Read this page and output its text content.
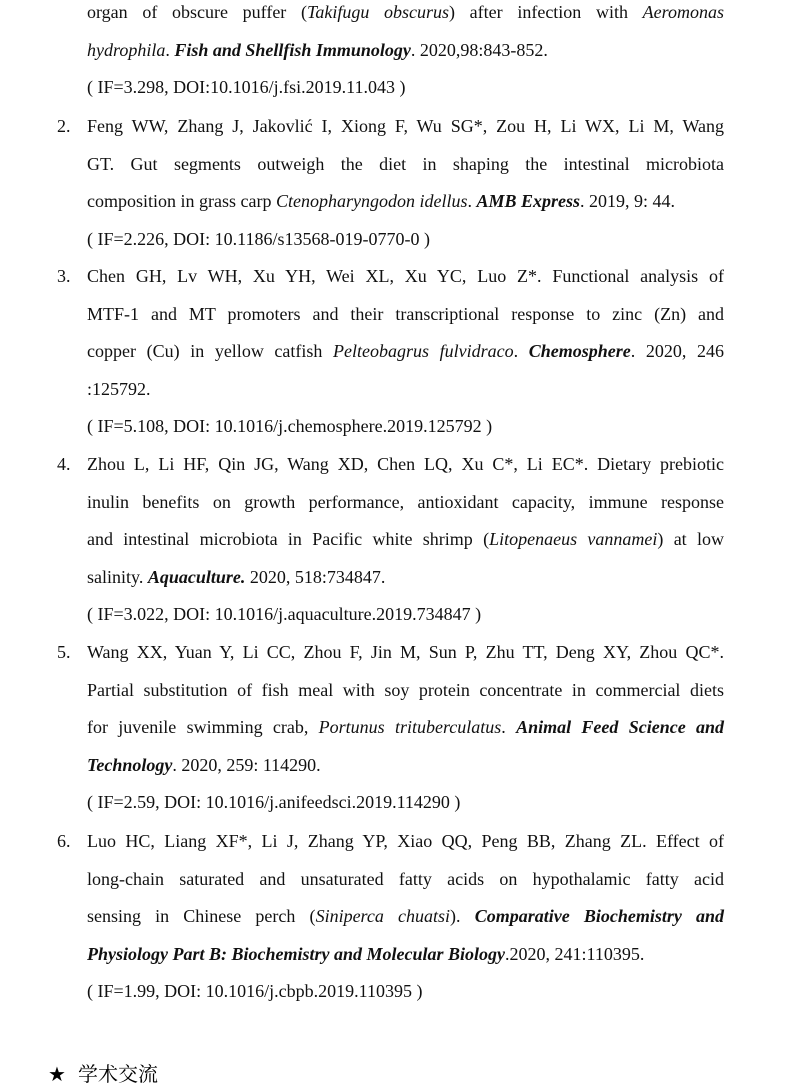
organ of obscure puffer (Takifugu obscurus) after infection with Aeromonas
hydrophila. Fish and Shellfish Immunology. 2020,98:843-852.
( IF=3.298, DOI:10.1016/j.fsi.2019.11.043 )
2. Feng WW, Zhang J, Jakovlić I, Xiong F, Wu SG*, Zou H, Li WX, Li M, Wang
GT. Gut segments outweigh the diet in shaping the intestinal microbiota
composition in grass carp Ctenopharyngodon idellus. AMB Express. 2019, 9: 44.
( IF=2.226, DOI: 10.1186/s13568-019-0770-0 )
3. Chen GH, Lv WH, Xu YH, Wei XL, Xu YC, Luo Z*. Functional analysis of
MTF-1 and MT promoters and their transcriptional response to zinc (Zn) and
copper (Cu) in yellow catfish Pelteobagrus fulvidraco. Chemosphere. 2020, 246
:125792.
( IF=5.108, DOI: 10.1016/j.chemosphere.2019.125792 )
4. Zhou L, Li HF, Qin JG, Wang XD, Chen LQ, Xu C*, Li EC*. Dietary prebiotic
inulin benefits on growth performance, antioxidant capacity, immune response
and intestinal microbiota in Pacific white shrimp (Litopenaeus vannamei) at low
salinity. Aquaculture. 2020, 518:734847.
( IF=3.022, DOI: 10.1016/j.aquaculture.2019.734847 )
5. Wang XX, Yuan Y, Li CC, Zhou F, Jin M, Sun P, Zhu TT, Deng XY, Zhou QC*.
Partial substitution of fish meal with soy protein concentrate in commercial diets
for juvenile swimming crab, Portunus trituberculatus. Animal Feed Science and
Technology. 2020, 259: 114290.
( IF=2.59, DOI: 10.1016/j.anifeedsci.2019.114290 )
6. Luo HC, Liang XF*, Li J, Zhang YP, Xiao QQ, Peng BB, Zhang ZL. Effect of
long-chain saturated and unsaturated fatty acids on hypothalamic fatty acid
sensing in Chinese perch (Siniperca chuatsi). Comparative Biochemistry and
Physiology Part B: Biochemistry and Molecular Biology.2020, 241:110395.
( IF=1.99, DOI: 10.1016/j.cbpb.2019.110395 )
★ 学术交流
